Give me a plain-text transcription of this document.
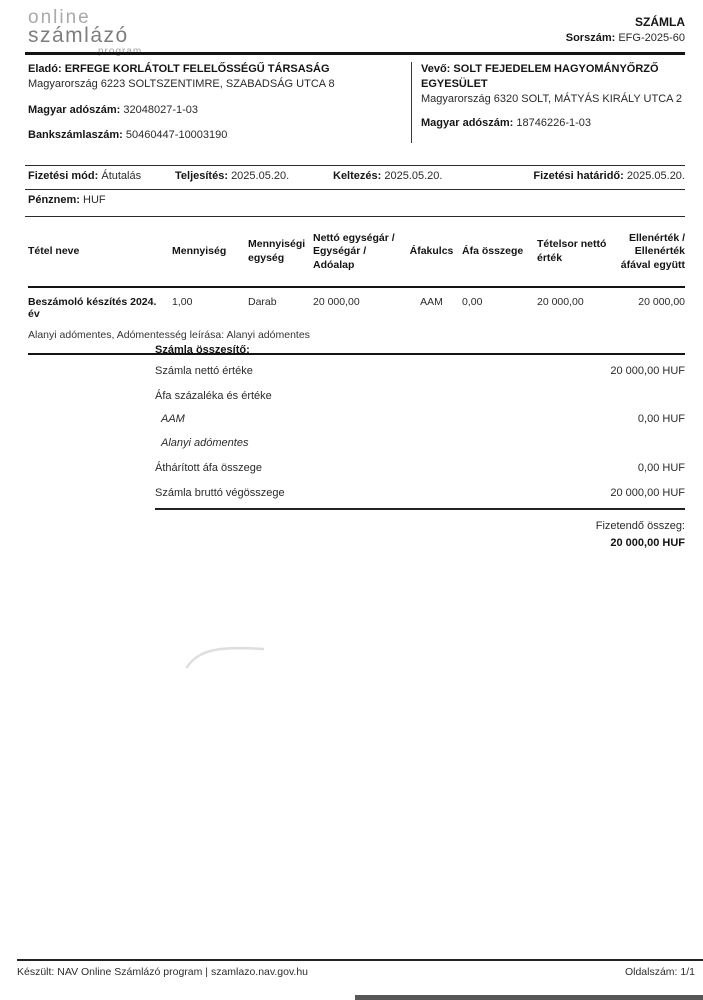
online
számlázó
SZÁMLA
Sorszám: EFG-2025-60

Eladó: ERFEGE KORLÁTOLT FELELŐSSÉGŰ TÁRSASÁG

Magyarország 6223 SOLTSZENTIMRE, SZABADSÁG UTCA 8

Magyar adószám: 32048027-1-03

Bankszámlaszám: 50460447-10003190

Vevő: SOLT FEJEDELEM HAGYOMÁNYŐRZŐ EGYESÜLET

Magyarország 6320 SOLT, MÁTYÁS KIRÁLY UTCA 2

Magyar adószám: 18746226-1-03

Fizetési mód: Átutalás	Teljesítés: 2025.05.20.	Keltezés: 2025.05.20.	Fizetési határidő: 2025.05.20.
Pénznem: HUF
Tétel neve	Mennyiség	Mennyiségi egység	Nettó egységár / Egységár / Adóalap	Áfakulcs	Áfa összege	Tételsor nettó érték	Ellenérték / Ellenérték áfával együtt
Beszámoló készítés 2024. év	1,00	Darab	20 000,00	AAM	0,00	20 000,00	20 000,00
Alanyi adómentes, Adómentesség leírása: Alanyi adómentes							
Számla összesítő:
Számla nettó értéke	20 000,00 HUF
Áfa százaléka és értéke
AAM	0,00 HUF
Alanyi adómentes
Áthárított áfa összege	0,00 HUF
Számla bruttó végösszege	20 000,00 HUF
Fizetendő összeg:
20 000,00 HUF
Készült: NAV Online Számlázó program | szamlazo.nav.gov.hu	Oldalszám: 1/1
